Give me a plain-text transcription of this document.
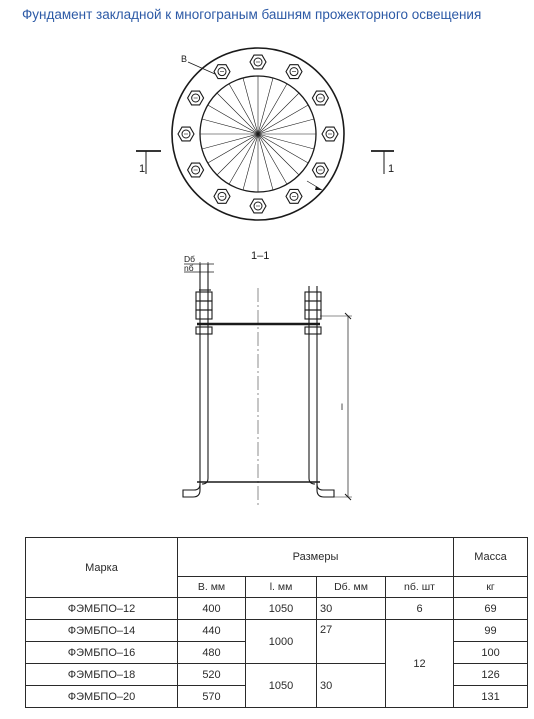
Фундамент закладной к многограным башням прожекторного освещения
B
1	1
1–1
Dб
nб
l
Марка	Размеры				Масса
	B. мм	l. мм	Dб. мм	nб. шт	кг
ФЭМБПО–12	400	1050	30	6	69
ФЭМБПО–14	440	1000	27	12	99
ФЭМБПО–16	480				100
ФЭМБПО–18	520	1050	30		126
ФЭМБПО–20	570				131
